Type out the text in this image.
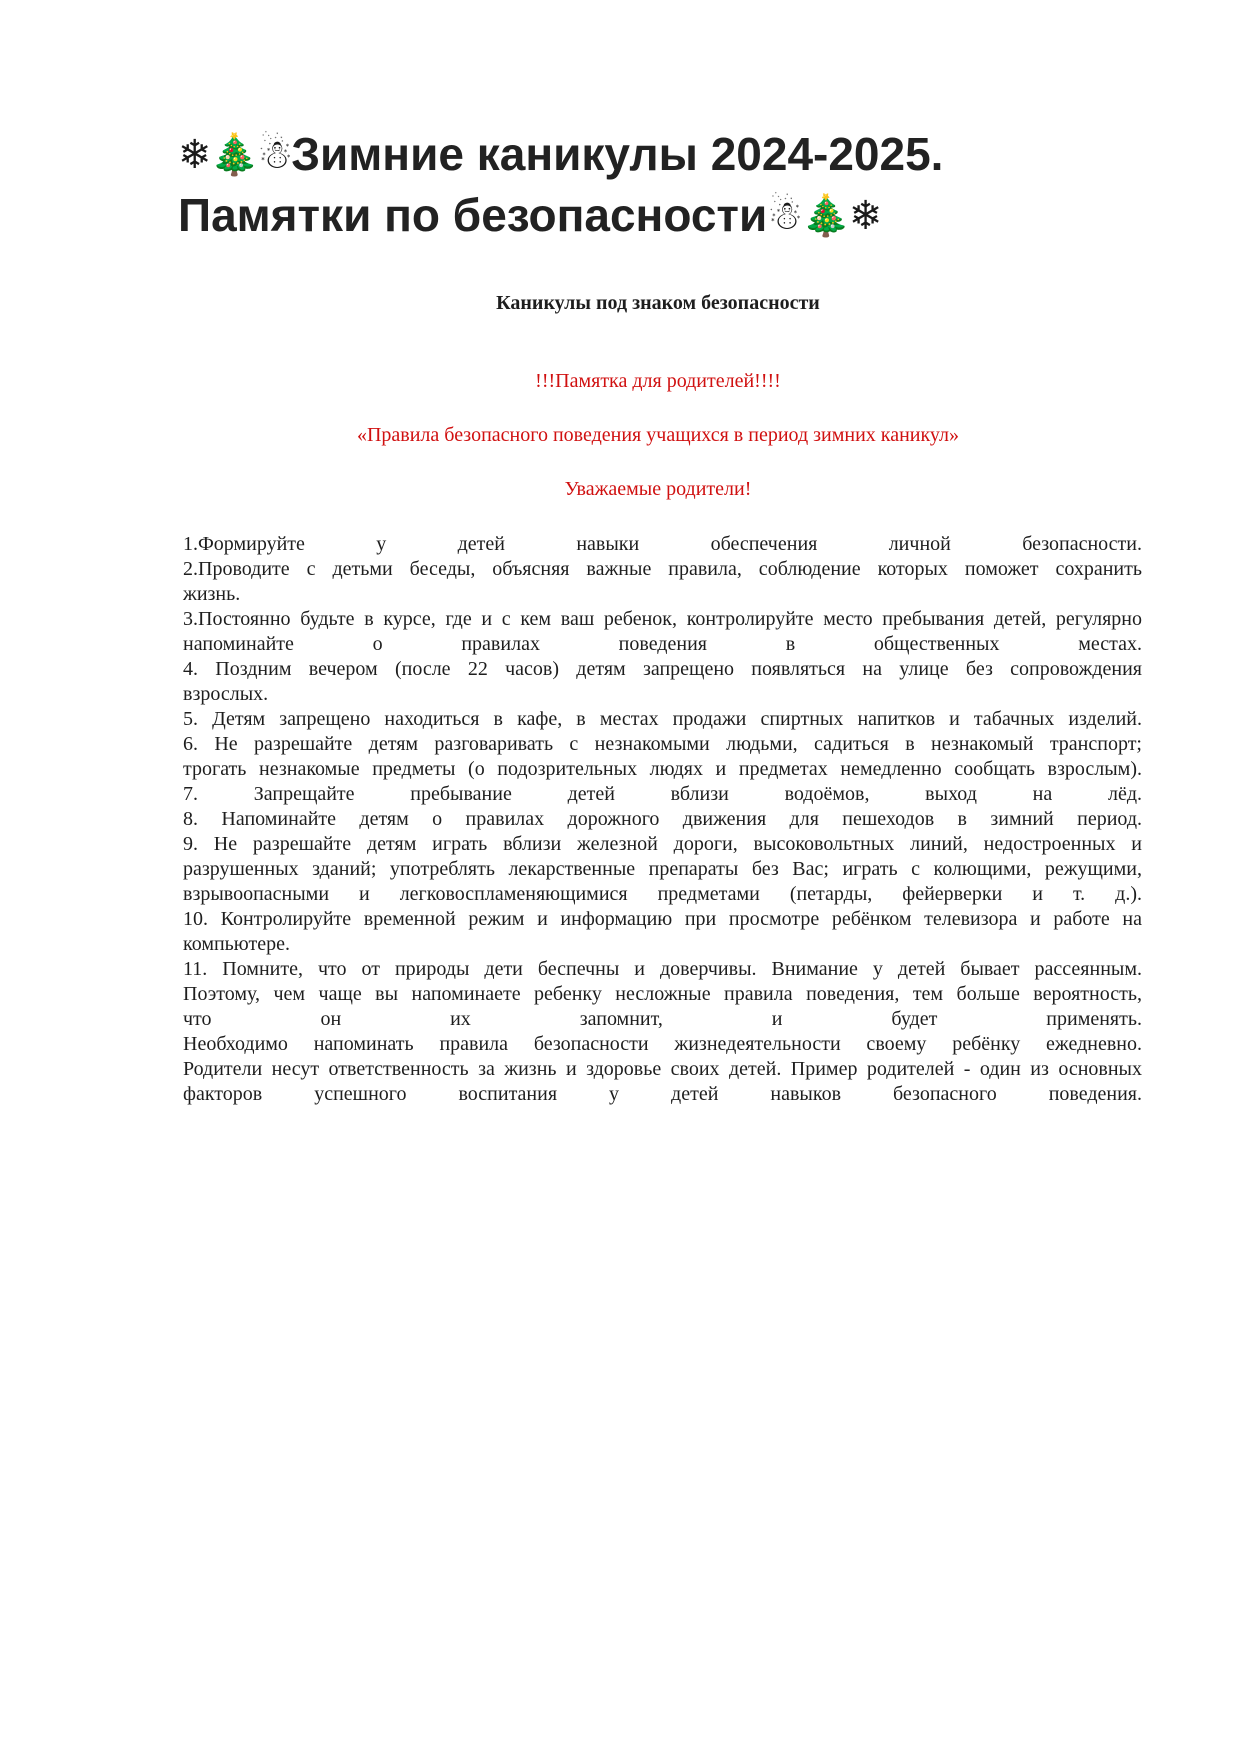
❄🎄☃Зимние каникулы 2024-2025.
Памятки по безопасности☃🎄❄

Каникулы под знаком безопасности

!!!Памятка для родителей!!!!

«Правила безопасного поведения учащихся в период зимних каникул»

Уважаемые родители!

1.Формируйте у детей навыки обеспечения личной безопасности.
2.Проводите с детьми беседы, объясняя важные правила, соблюдение которых поможет сохранить
жизнь.
3.Постоянно будьте в курсе, где и с кем ваш ребенок, контролируйте место пребывания детей, регулярно
напоминайте о правилах поведения в общественных местах.
4. Поздним вечером (после 22 часов) детям запрещено появляться на улице без сопровождения
взрослых.
5. Детям запрещено находиться в кафе, в местах продажи спиртных напитков и табачных изделий.
6. Не разрешайте детям разговаривать с незнакомыми людьми, садиться в незнакомый транспорт;
трогать незнакомые предметы (о подозрительных людях и предметах немедленно сообщать взрослым).
7. Запрещайте пребывание детей вблизи водоёмов, выход на лёд.
8. Напоминайте детям о правилах дорожного движения для пешеходов в зимний период.
9. Не разрешайте детям играть вблизи железной дороги, высоковольтных линий, недостроенных и
разрушенных зданий; употреблять лекарственные препараты без Вас; играть с колющими, режущими,
взрывоопасными и легковоспламеняющимися предметами (петарды, фейерверки и т. д.).
10. Контролируйте временной режим и информацию при просмотре ребёнком телевизора и работе на
компьютере.
11. Помните, что от природы дети беспечны и доверчивы. Внимание у детей бывает рассеянным.
Поэтому, чем чаще вы напоминаете ребенку несложные правила поведения, тем больше вероятность,
что он их запомнит, и будет применять.
Необходимо напоминать правила безопасности жизнедеятельности своему ребёнку ежедневно.
Родители несут ответственность за жизнь и здоровье своих детей. Пример родителей - один из основных
факторов успешного воспитания у детей навыков безопасного поведения.
